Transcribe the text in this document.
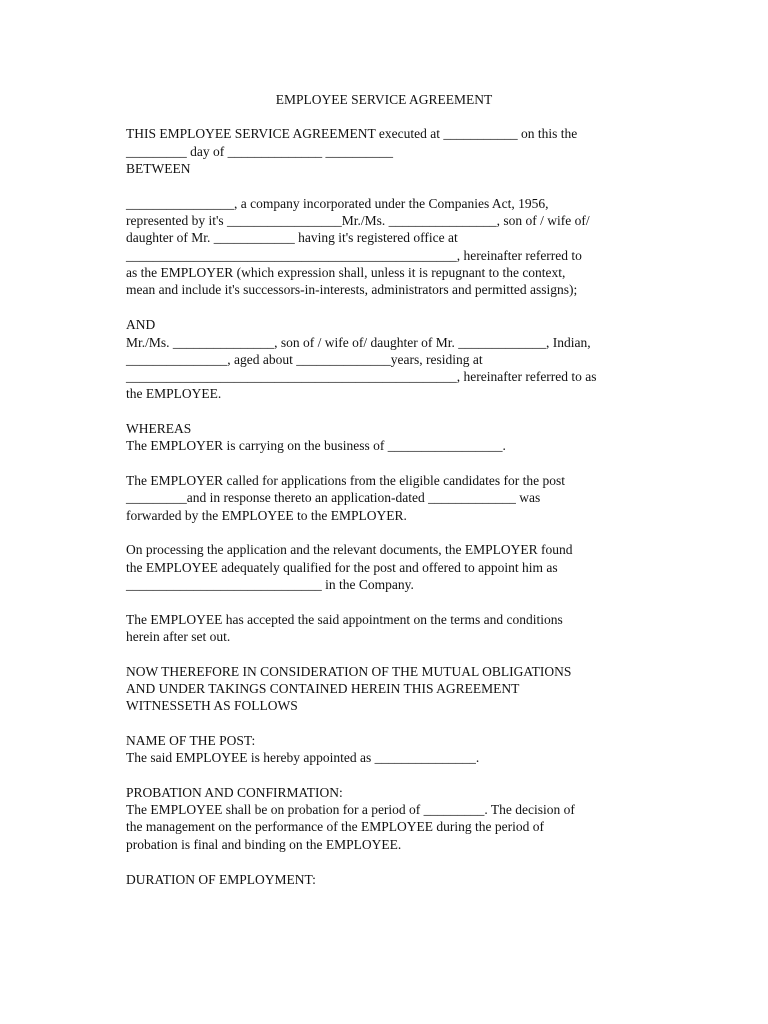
EMPLOYEE SERVICE AGREEMENT
THIS EMPLOYEE SERVICE AGREEMENT executed at ___________ on this the
_________ day of ______________ __________
BETWEEN
________________, a company incorporated under the Companies Act, 1956,
represented by it's _________________Mr./Ms. ________________, son of / wife of/
daughter of Mr. ____________ having it's registered office at
_________________________________________________, hereinafter referred to
as the EMPLOYER (which expression shall, unless it is repugnant to the context,
mean and include it's successors-in-interests, administrators and permitted assigns);
AND
Mr./Ms. _______________, son of / wife of/ daughter of Mr. _____________, Indian,
_______________, aged about ______________years, residing at
_________________________________________________, hereinafter referred to as
the EMPLOYEE.
WHEREAS
The EMPLOYER is carrying on the business of _________________.
The EMPLOYER called for applications from the eligible candidates for the post
_________and in response thereto an application-dated _____________ was
forwarded by the EMPLOYEE to the EMPLOYER.
On processing the application and the relevant documents, the EMPLOYER found
the EMPLOYEE adequately qualified for the post and offered to appoint him as
_____________________________ in the Company.
The EMPLOYEE has accepted the said appointment on the terms and conditions
herein after set out.
NOW THEREFORE IN CONSIDERATION OF THE MUTUAL OBLIGATIONS
AND UNDER TAKINGS CONTAINED HEREIN THIS AGREEMENT
WITNESSETH AS FOLLOWS
NAME OF THE POST:
The said EMPLOYEE is hereby appointed as _______________.
PROBATION AND CONFIRMATION:
The EMPLOYEE shall be on probation for a period of _________. The decision of
the management on the performance of the EMPLOYEE during the period of
probation is final and binding on the EMPLOYEE.
DURATION OF EMPLOYMENT:
